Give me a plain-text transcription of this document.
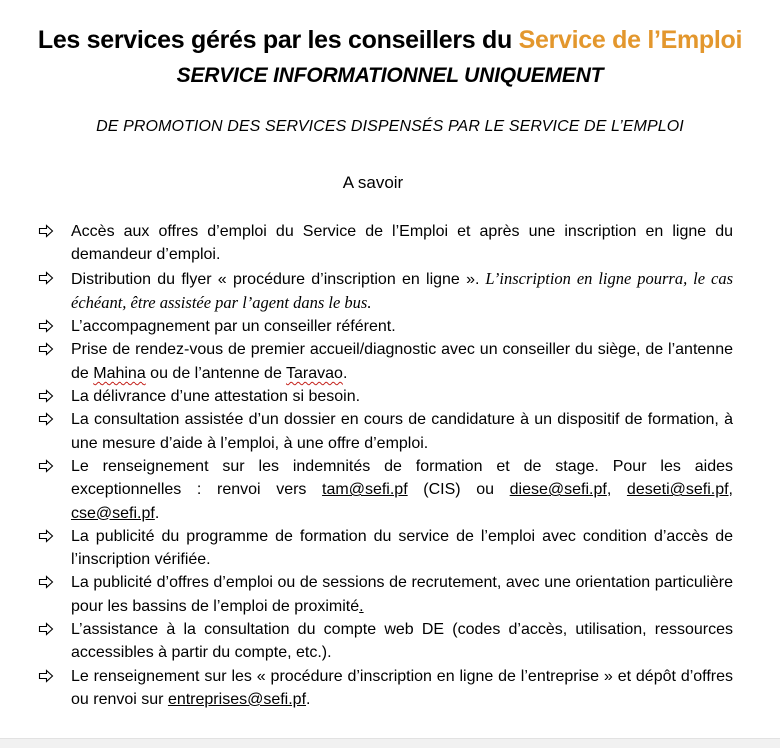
Les services gérés par les conseillers du Service de l’Emploi
SERVICE INFORMATIONNEL UNIQUEMENT
DE PROMOTION DES SERVICES DISPENSÉS PAR LE SERVICE DE L’EMPLOI
A savoir
Accès aux offres d’emploi du Service de l’Emploi et après une inscription en ligne du demandeur d’emploi.
Distribution du flyer « procédure d’inscription en ligne ». L’inscription en ligne pourra, le cas échéant, être assistée par l’agent dans le bus.
L’accompagnement par un conseiller référent.
Prise de rendez-vous de premier accueil/diagnostic avec un conseiller du siège, de l’antenne de Mahina ou de l’antenne de Taravao.
La délivrance d’une attestation si besoin.
La consultation assistée d’un dossier en cours de candidature à un dispositif de formation, à une mesure d’aide à l’emploi, à une offre d’emploi.
Le renseignement sur les indemnités de formation et de stage. Pour les aides exceptionnelles : renvoi vers tam@sefi.pf (CIS) ou diese@sefi.pf, deseti@sefi.pf, cse@sefi.pf.
La publicité du programme de formation du service de l’emploi avec condition d’accès de l’inscription vérifiée.
La publicité d’offres d’emploi ou de sessions de recrutement, avec une orientation particulière pour les bassins de l’emploi de proximité.
L’assistance à la consultation du compte web DE (codes d’accès, utilisation, ressources accessibles à partir du compte, etc.).
Le renseignement sur les « procédure d’inscription en ligne de l’entreprise » et dépôt d’offres ou renvoi sur entreprises@sefi.pf.
